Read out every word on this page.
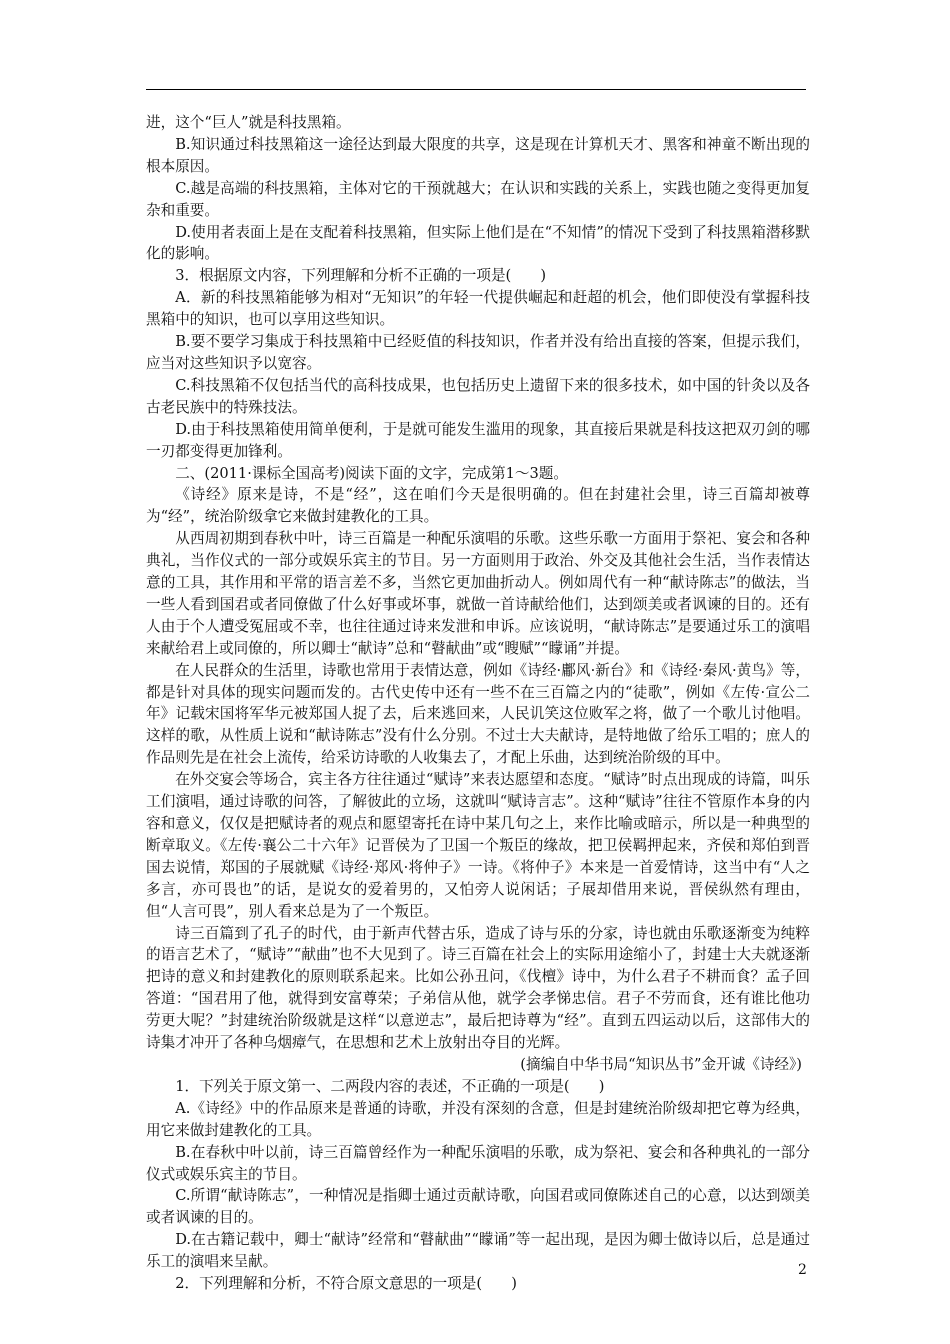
进，这个“巨人”就是科技黑箱。

B.知识通过科技黑箱这一途径达到最大限度的共享，这是现在计算机天才、黑客和神童不断出现的根本原因。

C.越是高端的科技黑箱，主体对它的干预就越大；在认识和实践的关系上，实践也随之变得更加复杂和重要。

D.使用者表面上是在支配着科技黑箱，但实际上他们是在“不知情”的情况下受到了科技黑箱潜移默化的影响。

3．根据原文内容，下列理解和分析不正确的一项是(　　)

A．新的科技黑箱能够为相对“无知识”的年轻一代提供崛起和赶超的机会，他们即使没有掌握科技黑箱中的知识，也可以享用这些知识。

B.要不要学习集成于科技黑箱中已经贬值的科技知识，作者并没有给出直接的答案，但提示我们，应当对这些知识予以宽容。

C.科技黑箱不仅包括当代的高科技成果，也包括历史上遗留下来的很多技术，如中国的针灸以及各古老民族中的特殊技法。

D.由于科技黑箱使用简单便利，于是就可能发生滥用的现象，其直接后果就是科技这把双刃剑的哪一刃都变得更加锋利。

二、(2011·课标全国高考)阅读下面的文字，完成第1～3题。

《诗经》原来是诗，不是“经”，这在咱们今天是很明确的。但在封建社会里，诗三百篇却被尊为“经”，统治阶级拿它来做封建教化的工具。

从西周初期到春秋中叶，诗三百篇是一种配乐演唱的乐歌。这些乐歌一方面用于祭祀、宴会和各种典礼，当作仪式的一部分或娱乐宾主的节目。另一方面则用于政治、外交及其他社会生活，当作表情达意的工具，其作用和平常的语言差不多，当然它更加曲折动人。例如周代有一种“献诗陈志”的做法，当一些人看到国君或者同僚做了什么好事或坏事，就做一首诗献给他们，达到颂美或者讽谏的目的。还有人由于个人遭受冤屈或不幸，也往往通过诗来发泄和申诉。应该说明，“献诗陈志”是要通过乐工的演唱来献给君上或同僚的，所以卿士“献诗”总和“瞽献曲”或“瞍赋”“矇诵”并提。

在人民群众的生活里，诗歌也常用于表情达意，例如《诗经·鄘风·新台》和《诗经·秦风·黄鸟》等，都是针对具体的现实问题而发的。古代史传中还有一些不在三百篇之内的“徒歌”，例如《左传·宣公二年》记载宋国将军华元被郑国人捉了去，后来逃回来，人民讥笑这位败军之将，做了一个歌儿讨他唱。这样的歌，从性质上说和“献诗陈志”没有什么分别。不过士大夫献诗，是特地做了给乐工唱的；庶人的作品则先是在社会上流传，给采访诗歌的人收集去了，才配上乐曲，达到统治阶级的耳中。

在外交宴会等场合，宾主各方往往通过“赋诗”来表达愿望和态度。“赋诗”时点出现成的诗篇，叫乐工们演唱，通过诗歌的问答，了解彼此的立场，这就叫“赋诗言志”。这种“赋诗”往往不管原作本身的内容和意义，仅仅是把赋诗者的观点和愿望寄托在诗中某几句之上，来作比喻或暗示，所以是一种典型的断章取义。《左传·襄公二十六年》记晋侯为了卫国一个叛臣的缘故，把卫侯羁押起来，齐侯和郑伯到晋国去说情，郑国的子展就赋《诗经·郑风·将仲子》一诗。《将仲子》本来是一首爱情诗，这当中有“人之多言，亦可畏也”的话，是说女的爱着男的，又怕旁人说闲话；子展却借用来说，晋侯纵然有理由，但“人言可畏”，别人看来总是为了一个叛臣。

诗三百篇到了孔子的时代，由于新声代替古乐，造成了诗与乐的分家，诗也就由乐歌逐渐变为纯粹的语言艺术了，“赋诗”“献曲”也不大见到了。诗三百篇在社会上的实际用途缩小了，封建士大夫就逐渐把诗的意义和封建教化的原则联系起来。比如公孙丑问，《伐檀》诗中，为什么君子不耕而食？孟子回答道：“国君用了他，就得到安富尊荣；子弟信从他，就学会孝悌忠信。君子不劳而食，还有谁比他功劳更大呢？”封建统治阶级就是这样“以意逆志”，最后把诗尊为“经”。直到五四运动以后，这部伟大的诗集才冲开了各种乌烟瘴气，在思想和艺术上放射出夺目的光辉。

(摘编自中华书局“知识丛书”金开诚《诗经》)

1．下列关于原文第一、二两段内容的表述，不正确的一项是(　　)

A.《诗经》中的作品原来是普通的诗歌，并没有深刻的含意，但是封建统治阶级却把它尊为经典，用它来做封建教化的工具。

B.在春秋中叶以前，诗三百篇曾经作为一种配乐演唱的乐歌，成为祭祀、宴会和各种典礼的一部分仪式或娱乐宾主的节目。

C.所谓“献诗陈志”，一种情况是指卿士通过贡献诗歌，向国君或同僚陈述自己的心意，以达到颂美或者讽谏的目的。

D.在古籍记载中，卿士“献诗”经常和“瞽献曲”“矇诵”等一起出现，是因为卿士做诗以后，总是通过乐工的演唱来呈献。

2．下列理解和分析，不符合原文意思的一项是(　　)

2
